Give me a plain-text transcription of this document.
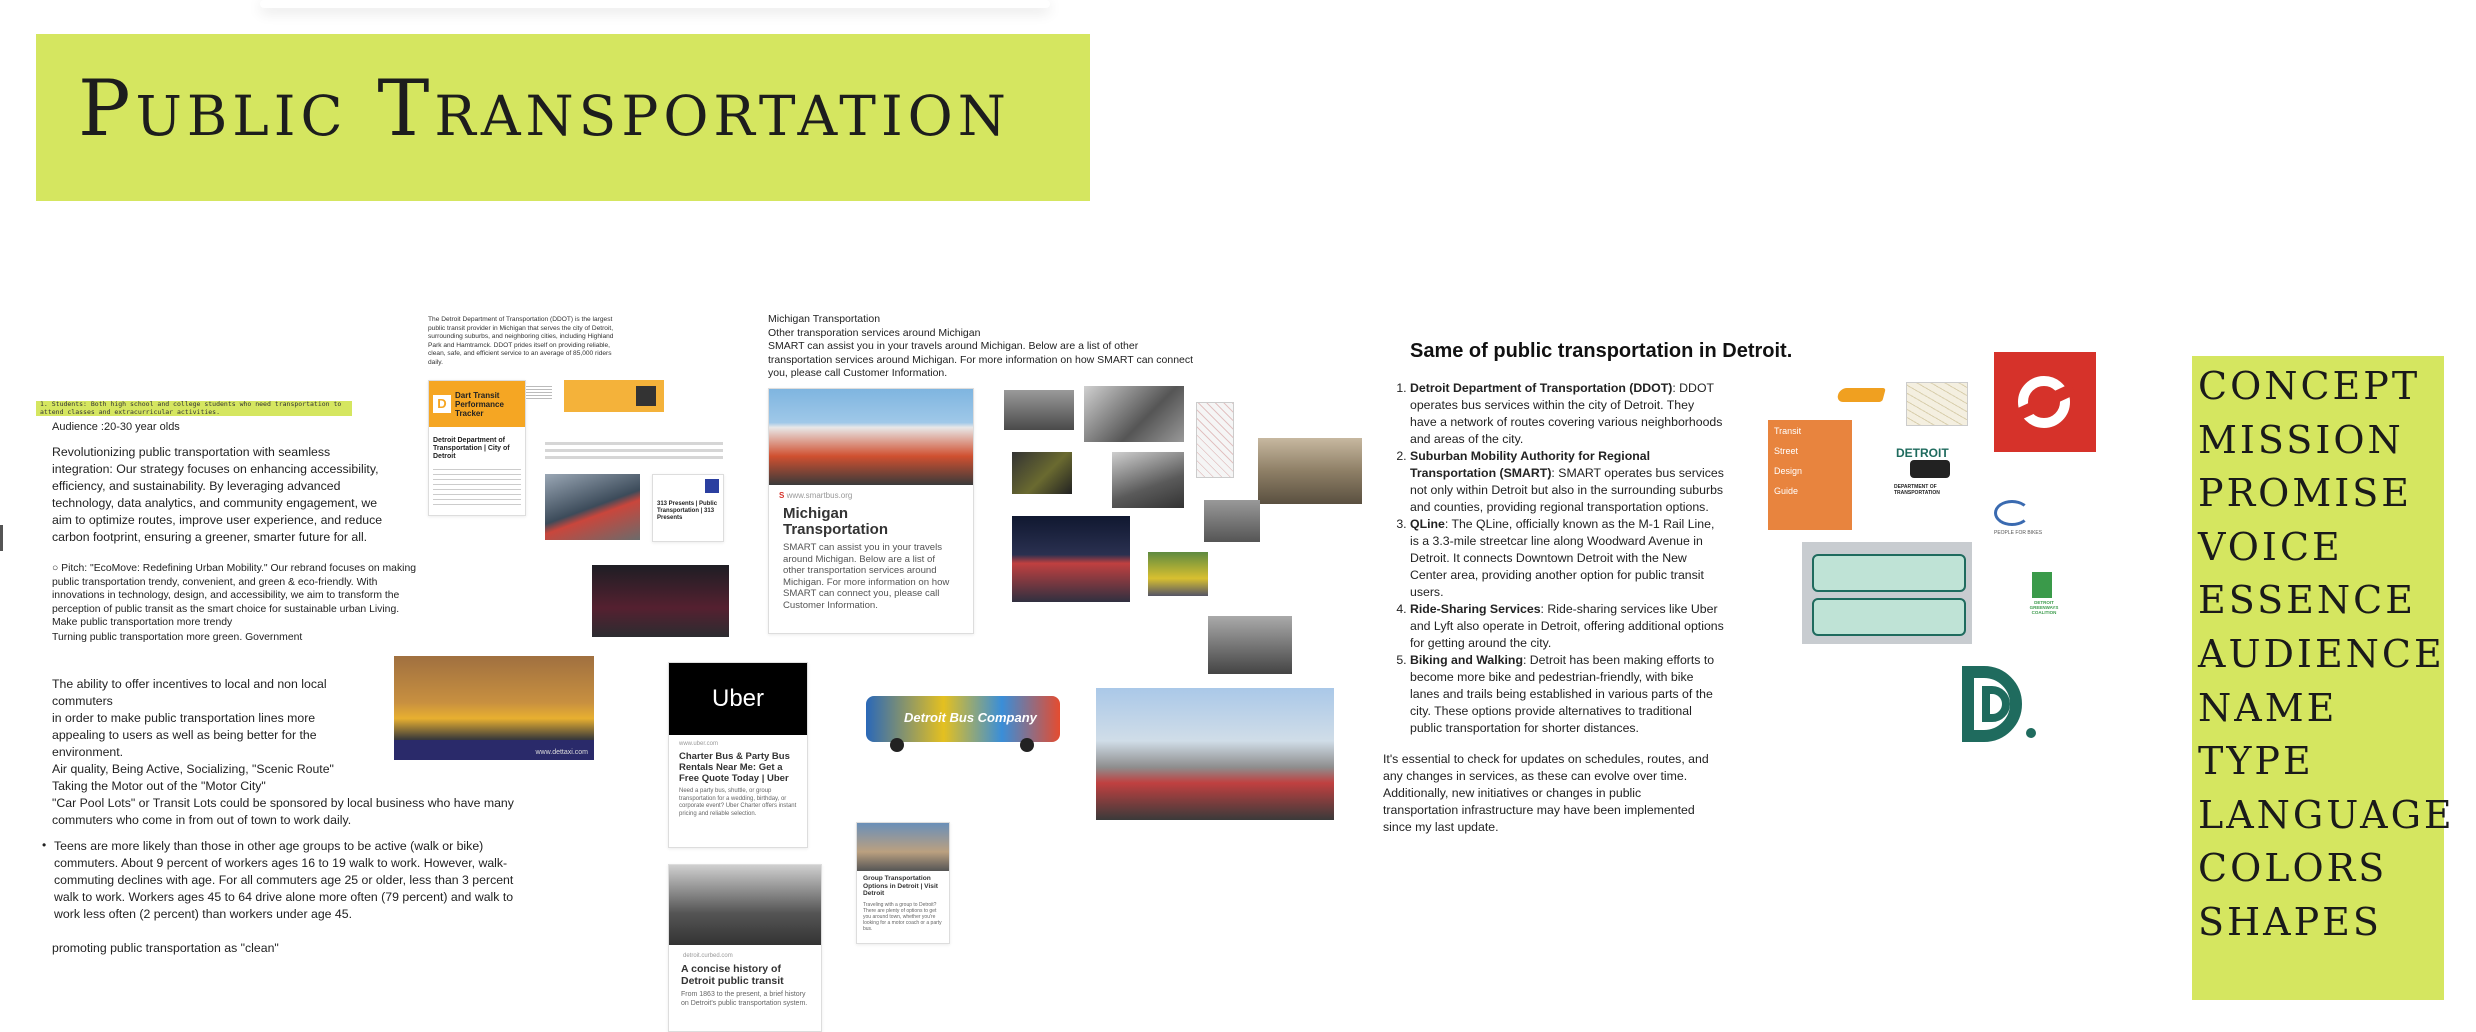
Public Transportation
CONCEPT
MISSION
PROMISE
VOICE
ESSENCE
AUDIENCE
NAME
TYPE
LANGUAGE
COLORS
SHAPES
1. Students: Both high school and college students who need transportation to attend classes and extracurricular activities.
Audience :20-30 year olds
Revolutionizing public transportation with seamless integration: Our strategy focuses on enhancing accessibility, efficiency, and sustainability. By leveraging advanced technology, data analytics, and community engagement, we aim to optimize routes, improve user experience, and reduce carbon footprint, ensuring a greener, smarter future for all.
○ Pitch: "EcoMove: Redefining Urban Mobility." Our rebrand focuses on making public transportation trendy, convenient, and green & eco-friendly. With innovations in technology, design, and accessibility, we aim to transform the perception of public transit as the smart choice for sustainable urban Living. Make public transportation more trendy
Turning public transportation more green. Government
The ability to offer incentives to local and non local commuters
in order to make public transportation lines more appealing to users as well as being better for the environment.
Air quality, Being Active, Socializing, "Scenic Route"
Taking the Motor out of the "Motor City"
"Car Pool Lots" or Transit Lots could be sponsored by local business who have many commuters who come in from out of town to work daily.
• Teens are more likely than those in other age groups to be active (walk or bike) commuters. About 9 percent of workers ages 16 to 19 walk to work. However, walk-commuting declines with age. For all commuters age 25 or older, less than 3 percent walk to work. Workers ages 45 to 64 drive alone more often (79 percent) and walk to work less often (2 percent) than workers under age 45.
promoting public transportation as "clean"
The Detroit Department of Transportation (DDOT) is the largest public transit provider in Michigan that serves the city of Detroit, surrounding suburbs, and neighboring cities, including Highland Park and Hamtramck. DDOT prides itself on providing reliable, clean, safe, and efficient service to an average of 85,000 riders daily.
D
Dart Transit Performance Tracker
Detroit Department of Transportation | City of Detroit
313 Presents | Public Transportation | 313 Presents
www.dettaxi.com
Michigan Transportation
Other transporation services around Michigan
SMART can assist you in your travels around Michigan. Below are a list of other transportation services around Michigan. For more information on how SMART can connect you, please call Customer Information.
S www.smartbus.org
Michigan Transportation
SMART can assist you in your travels around Michigan. Below are a list of other transportation services around Michigan. For more information on how SMART can connect you, please call Customer Information.
Detroit Bus Company
Uber
www.uber.com
Charter Bus & Party Bus Rentals Near Me: Get a Free Quote Today | Uber
Need a party bus, shuttle, or group transportation for a wedding, birthday, or corporate event? Uber Charter offers instant pricing and reliable selection.
detroit.curbed.com
A concise history of Detroit public transit
From 1863 to the present, a brief history on Detroit's public transportation system.
Group Transportation Options in Detroit | Visit Detroit
Traveling with a group to Detroit? There are plenty of options to get you around town, whether you're looking for a motor coach or a party bus.
Same of public transportation in Detroit.
1. Detroit Department of Transportation (DDOT): DDOT operates bus services within the city of Detroit. They have a network of routes covering various neighborhoods and areas of the city.
2. Suburban Mobility Authority for Regional Transportation (SMART): SMART operates bus services not only within Detroit but also in the surrounding suburbs and counties, providing regional transportation options.
3. QLine: The QLine, officially known as the M-1 Rail Line, is a 3.3-mile streetcar line along Woodward Avenue in Detroit. It connects Downtown Detroit with the New Center area, providing another option for public transit users.
4. Ride-Sharing Services: Ride-sharing services like Uber and Lyft also operate in Detroit, offering additional options for getting around the city.
5. Biking and Walking: Detroit has been making efforts to become more bike and pedestrian-friendly, with bike lanes and trails being established in various parts of the city. These options provide alternatives to traditional public transportation for shorter distances.
It's essential to check for updates on schedules, routes, and any changes in services, as these can evolve over time. Additionally, new initiatives or changes in public transportation infrastructure may have been implemented since my last update.
Transit
Street
Design
Guide
DETROIT
DEPARTMENT OF TRANSPORTATION
PEOPLE FOR BIKES
DETROIT GREENWAYS COALITION
